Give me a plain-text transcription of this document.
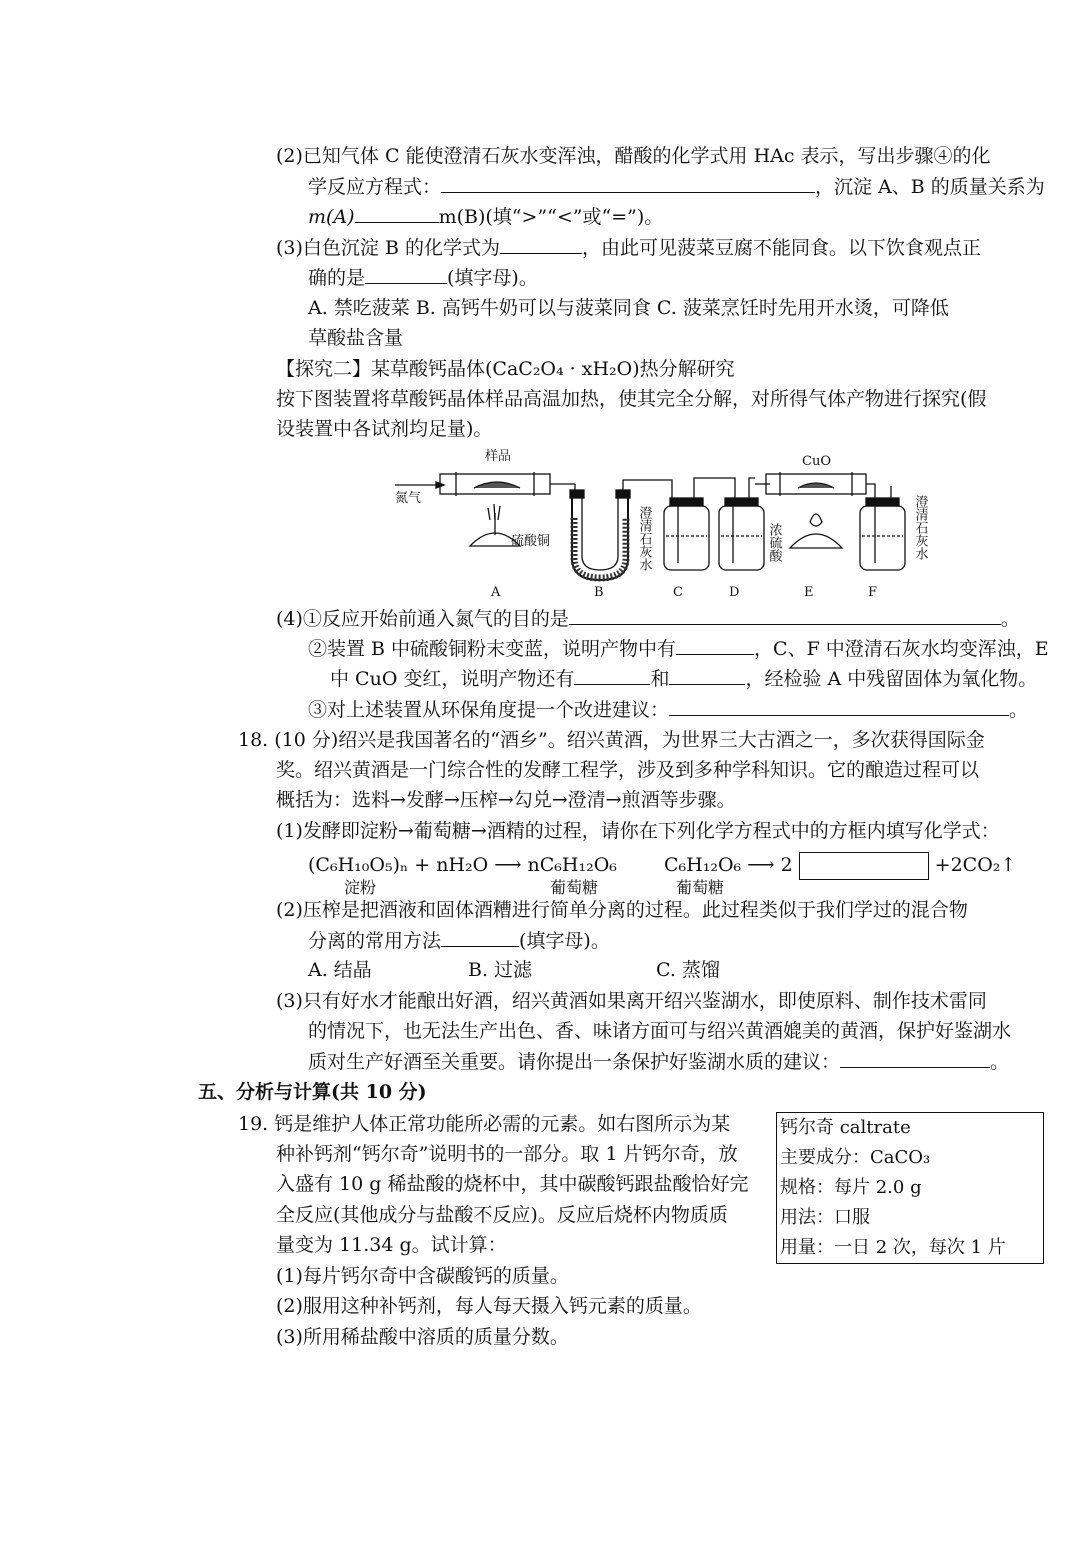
(2)已知气体 C 能使澄清石灰水变浑浊，醋酸的化学式用 HAc 表示，写出步骤④的化
学反应方程式：	，沉淀 A、B 的质量关系为
m(A)	m(B)(填“>”“<”或“=”)。
(3)白色沉淀 B 的化学式为	，由此可见菠菜豆腐不能同食。以下饮食观点正
确的是	(填字母)。
A. 禁吃菠菜 B. 高钙牛奶可以与菠菜同食 C. 菠菜烹饪时先用开水烫，可降低
草酸盐含量
【探究二】某草酸钙晶体(CaC₂O₄ · xH₂O)热分解研究
按下图装置将草酸钙晶体样品高温加热，使其完全分解，对所得气体产物进行探究(假
设装置中各试剂均足量)。
样品	CuO
氮气
硫酸铜	澄清石灰水	浓硫酸	澄清石灰水
A	B	C	D	E	F
(4)①反应开始前通入氮气的目的是	。
②装置 B 中硫酸铜粉末变蓝，说明产物中有	，C、F 中澄清石灰水均变浑浊，E
中 CuO 变红，说明产物还有	和	，经检验 A 中残留固体为氧化物。
③对上述装置从环保角度提一个改进建议：	。
18. (10 分)绍兴是我国著名的“酒乡”。绍兴黄酒，为世界三大古酒之一，多次获得国际金
奖。绍兴黄酒是一门综合性的发酵工程学，涉及到多种学科知识。它的酿造过程可以
概括为：选料→发酵→压榨→勾兑→澄清→煎酒等步骤。
(1)发酵即淀粉→葡萄糖→酒精的过程，请你在下列化学方程式中的方框内填写化学式：
(C₆H₁₀O₅)ₙ + nH₂O ⟶ nC₆H₁₂O₆ C₆H₁₂O₆ ⟶ 2	+2CO₂↑
淀粉	葡萄糖	葡萄糖
(2)压榨是把酒液和固体酒糟进行简单分离的过程。此过程类似于我们学过的混合物
分离的常用方法	(填字母)。
A. 结晶	B. 过滤	C. 蒸馏
(3)只有好水才能酿出好酒，绍兴黄酒如果离开绍兴鉴湖水，即使原料、制作技术雷同
的情况下，也无法生产出色、香、味诸方面可与绍兴黄酒媲美的黄酒，保护好鉴湖水
质对生产好酒至关重要。请你提出一条保护好鉴湖水质的建议：	。
五、分析与计算(共 10 分)
19. 钙是维护人体正常功能所必需的元素。如右图所示为某
种补钙剂“钙尔奇”说明书的一部分。取 1 片钙尔奇，放
入盛有 10 g 稀盐酸的烧杯中，其中碳酸钙跟盐酸恰好完
全反应(其他成分与盐酸不反应)。反应后烧杯内物质质
量变为 11.34 g。试计算：
(1)每片钙尔奇中含碳酸钙的质量。
(2)服用这种补钙剂，每人每天摄入钙元素的质量。
(3)所用稀盐酸中溶质的质量分数。
钙尔奇 caltrate
主要成分：CaCO₃
规格：每片 2.0 g
用法：口服
用量：一日 2 次，每次 1 片
